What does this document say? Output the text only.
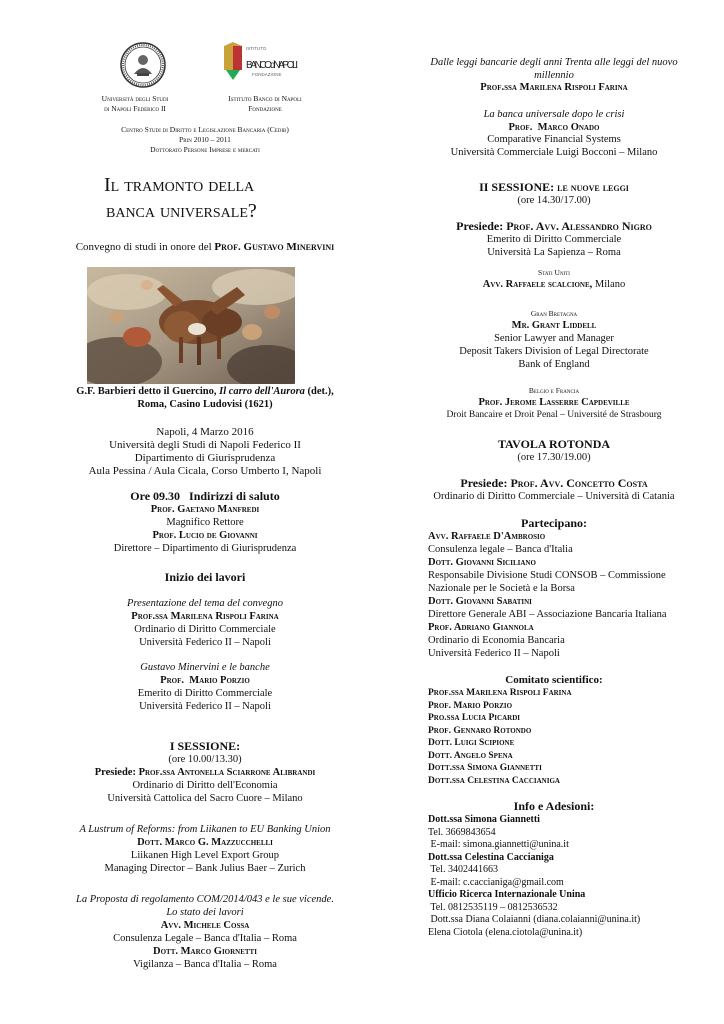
ISTITUTO
BANCO di NAPOLI
FONDAZIONE

Università degli Studi

di Napoli Federico II

Istituto Banco di Napoli

Fondazione

Centro Studi di Diritto e Legislazione Bancaria (Cedib)

Prin 2010 – 2011

Dottorato Persone Imprese e mercati

Il tramonto della

banca universale?

Convegno di studi in onore del Prof. Gustavo Minervini

G.F. Barbieri detto il Guercino, Il carro dell'Aurora (det.),

Roma, Casino Ludovisi (1621)

Napoli, 4 Marzo 2016

Università degli Studi di Napoli Federico II

Dipartimento di Giurisprudenza

Aula Pessina / Aula Cicala, Corso Umberto I, Napoli

Ore 09.30   Indirizzi di saluto

Prof. Gaetano Manfredi

Magnifico Rettore

Prof. Lucio de Giovanni

Direttore – Dipartimento di Giurisprudenza

Inizio dei lavori

Presentazione del tema del convegno

Prof.ssa Marilena Rispoli Farina

Ordinario di Diritto Commerciale

Università Federico II – Napoli

Gustavo Minervini e le banche

Prof.  Mario Porzio

Emerito di Diritto Commerciale

Università Federico II – Napoli

I SESSIONE:

(ore 10.00/13.30)

Presiede: Prof.ssa Antonella Sciarrone Alibrandi

Ordinario di Diritto dell'Economia

Università Cattolica del Sacro Cuore – Milano

A Lustrum of Reforms: from Liikanen to EU Banking Union

Dott. Marco G. Mazzucchelli

Liikanen High Level Export Group

Managing Director – Bank Julius Baer – Zurich

La Proposta di regolamento COM/2014/043 e le sue vicende.

Lo stato dei lavori

Avv. Michele Cossa

Consulenza Legale – Banca d'Italia – Roma

Dott. Marco Giornetti

Vigilanza – Banca d'Italia – Roma

Dalle leggi bancarie degli anni Trenta alle leggi del nuovo

millennio

Prof.ssa Marilena Rispoli Farina

La banca universale dopo le crisi

Prof.  Marco Onado

Comparative Financial Systems

Università Commerciale Luigi Bocconi – Milano

II SESSIONE: le nuove leggi

(ore 14.30/17.00)

Presiede: Prof. Avv. Alessandro Nigro

Emerito di Diritto Commerciale

Università La Sapienza – Roma

Stati Uniti

Avv. Raffaele scalcione, Milano

Gran Bretagna

Mr. Grant Liddell

Senior Lawyer and Manager

Deposit Takers Division of Legal Directorate

Bank of England

Belgio e Francia

Prof. Jerome Lasserre Capdeville

Droit Bancaire et Droit Penal – Université de Strasbourg

TAVOLA ROTONDA

(ore 17.30/19.00)

Presiede: Prof. Avv. Concetto Costa

Ordinario di Diritto Commerciale – Università di Catania

Partecipano:

Avv. Raffaele D'Ambrosio

Consulenza legale – Banca d'Italia

Dott. Giovanni Siciliano

Responsabile Divisione Studi CONSOB – Commissione

Nazionale per le Società e la Borsa

Dott. Giovanni Sabatini

Direttore Generale ABI – Associazione Bancaria Italiana

Prof. Adriano Giannola

Ordinario di Economia Bancaria

Università Federico II – Napoli

Comitato scientifico:

Prof.ssa Marilena Rispoli Farina

Prof. Mario Porzio

Pro.ssa Lucia Picardi

Prof. Gennaro Rotondo

Dott. Luigi Scipione

Dott. Angelo Spena

Dott.ssa Simona Giannetti

Dott.ssa Celestina Caccianiga

Info e Adesioni:

Dott.ssa Simona Giannetti

Tel. 3669843654

E-mail: simona.giannetti@unina.it

Dott.ssa Celestina Caccianiga

Tel. 3402441663

E-mail: c.caccianiga@gmail.com

Ufficio Ricerca Internazionale Unina

Tel. 0812535119 – 0812536532

Dott.ssa Diana Colaianni (diana.colaianni@unina.it)

Elena Ciotola (elena.ciotola@unina.it)
